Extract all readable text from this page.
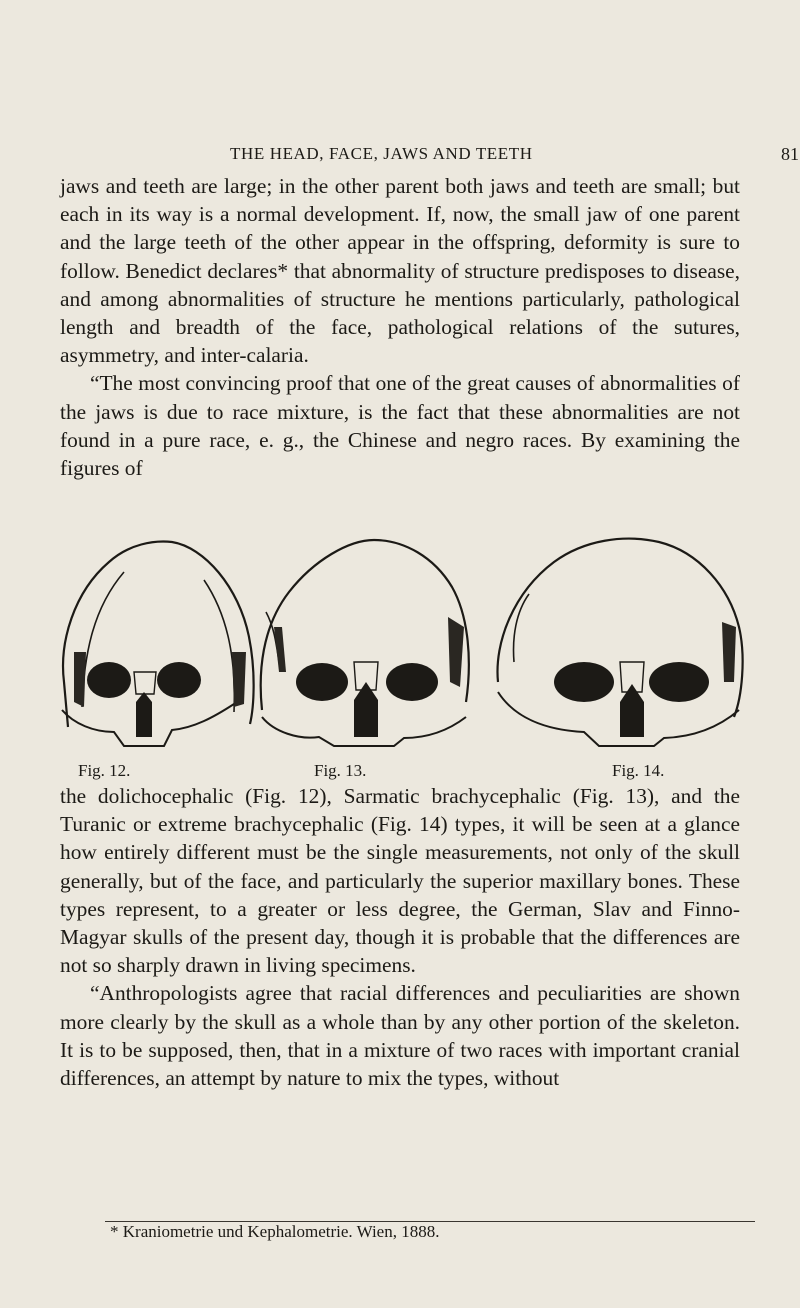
THE HEAD, FACE, JAWS AND TEETH	81

jaws and teeth are large; in the other parent both jaws and teeth are small; but each in its way is a normal development. If, now, the small jaw of one parent and the large teeth of the other appear in the offspring, deformity is sure to follow. Benedict declares* that abnormality of structure predisposes to disease, and among abnormalities of structure he mentions particularly, pathological length and breadth of the face, pathological relations of the sutures, asymmetry, and inter-calaria.

“The most convincing proof that one of the great causes of abnormalities of the jaws is due to race mixture, is the fact that these abnormalities are not found in a pure race, e. g., the Chinese and negro races. By examining the figures of

Fig. 12.	Fig. 13.	Fig. 14.

the dolichocephalic (Fig. 12), Sarmatic brachycephalic (Fig. 13), and the Turanic or extreme brachycephalic (Fig. 14) types, it will be seen at a glance how entirely different must be the single measurements, not only of the skull generally, but of the face, and particularly the superior maxillary bones. These types represent, to a greater or less degree, the German, Slav and Finno-Magyar skulls of the present day, though it is probable that the differences are not so sharply drawn in living specimens.

“Anthropologists agree that racial differences and peculiarities are shown more clearly by the skull as a whole than by any other portion of the skeleton. It is to be supposed, then, that in a mixture of two races with important cranial differences, an attempt by nature to mix the types, without

* Kraniometrie und Kephalometrie. Wien, 1888.
